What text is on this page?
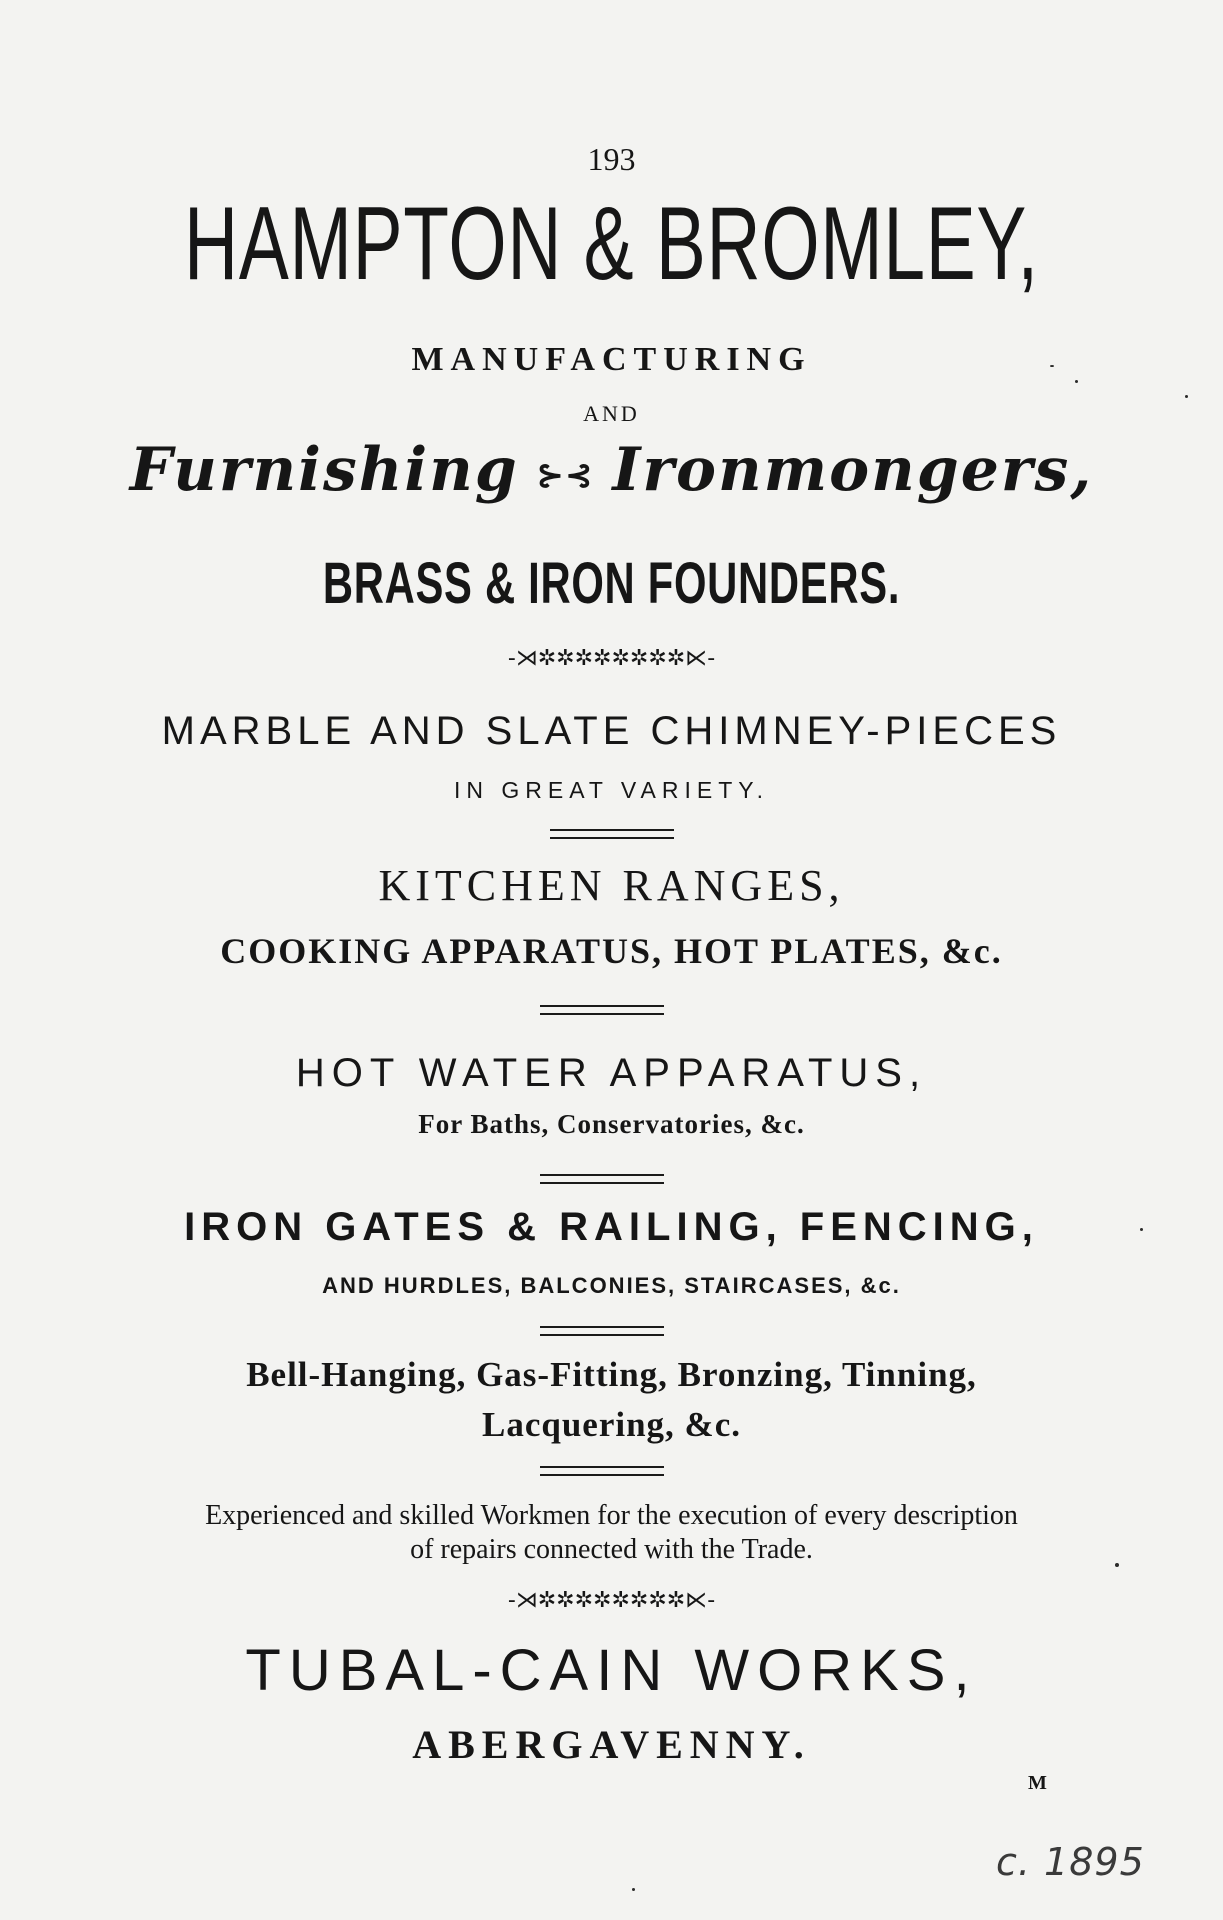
193
HAMPTON & BROMLEY,
MANUFACTURING
AND
Furnishing ⊱⊰ Ironmongers,
BRASS & IRON FOUNDERS.
-⋊✲✲✲✲✲✲✲✲⋉-
MARBLE AND SLATE CHIMNEY-PIECES
IN GREAT VARIETY.
KITCHEN RANGES,
COOKING APPARATUS, HOT PLATES, &c.
HOT WATER APPARATUS,
For Baths, Conservatories, &c.
IRON GATES & RAILING, FENCING,
AND HURDLES, BALCONIES, STAIRCASES, &c.
Bell-Hanging, Gas-Fitting, Bronzing, Tinning,
Lacquering, &c.
Experienced and skilled Workmen for the execution of every description
of repairs connected with the Trade.
-⋊✲✲✲✲✲✲✲✲⋉-
TUBAL-CAIN WORKS,
ABERGAVENNY.
M
c. 1895
